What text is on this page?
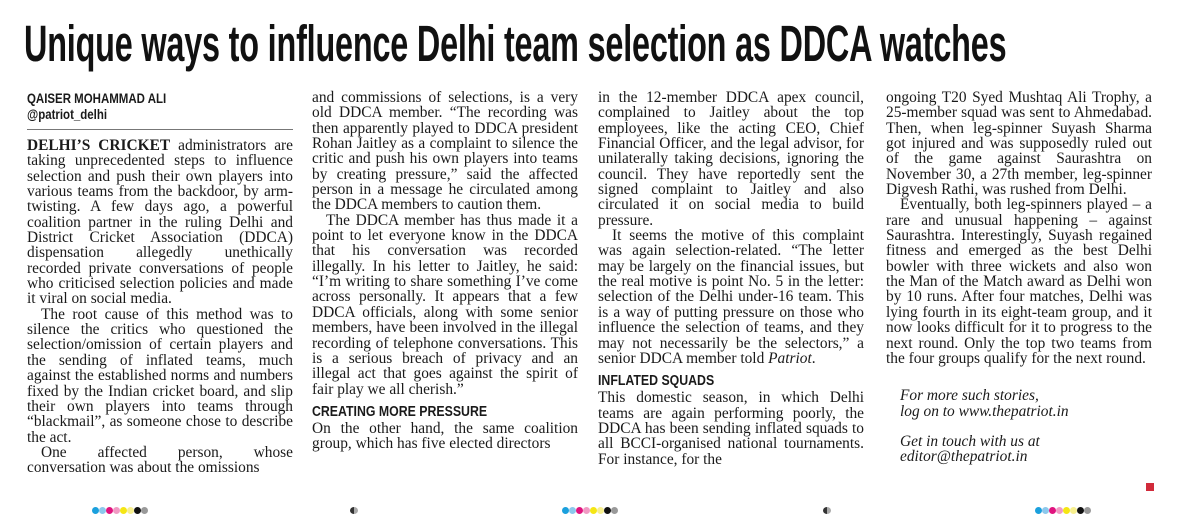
Unique ways to influence Delhi team selection as DDCA watches
QAISER MOHAMMAD ALI
@patriot_delhi

DELHI’S CRICKET administrators are taking unprecedented steps to influence selection and push their own players into various teams from the backdoor, by arm-twisting. A few days ago, a powerful coalition partner in the ruling Delhi and District Cricket Association (DDCA) dispensation allegedly unethically recorded private conversations of people who criticised selection policies and made it viral on social media.

The root cause of this method was to silence the critics who questioned the selection/omission of certain players and the sending of inflated teams, much against the established norms and numbers fixed by the Indian cricket board, and slip their own players into teams through “blackmail”, as someone chose to describe the act.

One affected person, whose conversation was about the omissions

and commissions of selections, is a very old DDCA member. “The recording was then apparently played to DDCA president Rohan Jaitley as a complaint to silence the critic and push his own players into teams by creating pressure,” said the affected person in a message he circulated among the DDCA members to caution them.

The DDCA member has thus made it a point to let everyone know in the DDCA that his conversation was recorded illegally. In his letter to Jaitley, he said: “I’m writing to share something I’ve come across personally. It appears that a few DDCA officials, along with some senior members, have been involved in the illegal recording of telephone conversations. This is a serious breach of privacy and an illegal act that goes against the spirit of fair play we all cherish.”

CREATING MORE PRESSURE

On the other hand, the same coalition group, which has five elected directors

in the 12-member DDCA apex council, complained to Jaitley about the top employees, like the acting CEO, Chief Financial Officer, and the legal advisor, for unilaterally taking decisions, ignoring the council. They have reportedly sent the signed complaint to Jaitley and also circulated it on social media to build pressure.

It seems the motive of this complaint was again selection-related. “The letter may be largely on the financial issues, but the real motive is point No. 5 in the letter: selection of the Delhi under-16 team. This is a way of putting pressure on those who influence the selection of teams, and they may not necessarily be the selectors,” a senior DDCA member told Patriot.

INFLATED SQUADS

This domestic season, in which Delhi teams are again performing poorly, the DDCA has been sending inflated squads to all BCCI-organised national tournaments. For instance, for the

ongoing T20 Syed Mushtaq Ali Trophy, a 25-member squad was sent to Ahmedabad. Then, when leg-spinner Suyash Sharma got injured and was supposedly ruled out of the game against Saurashtra on November 30, a 27th member, leg-spinner Digvesh Rathi, was rushed from Delhi.

Eventually, both leg-spinners played – a rare and unusual happening – against Saurashtra. Interestingly, Suyash regained fitness and emerged as the best Delhi bowler with three wickets and also won the Man of the Match award as Delhi won by 10 runs. After four matches, Delhi was lying fourth in its eight-team group, and it now looks difficult for it to progress to the next round. Only the top two teams from the four groups qualify for the next round.

For more such stories,
log on to www.thepatriot.in

Get in touch with us at
editor@thepatriot.in
